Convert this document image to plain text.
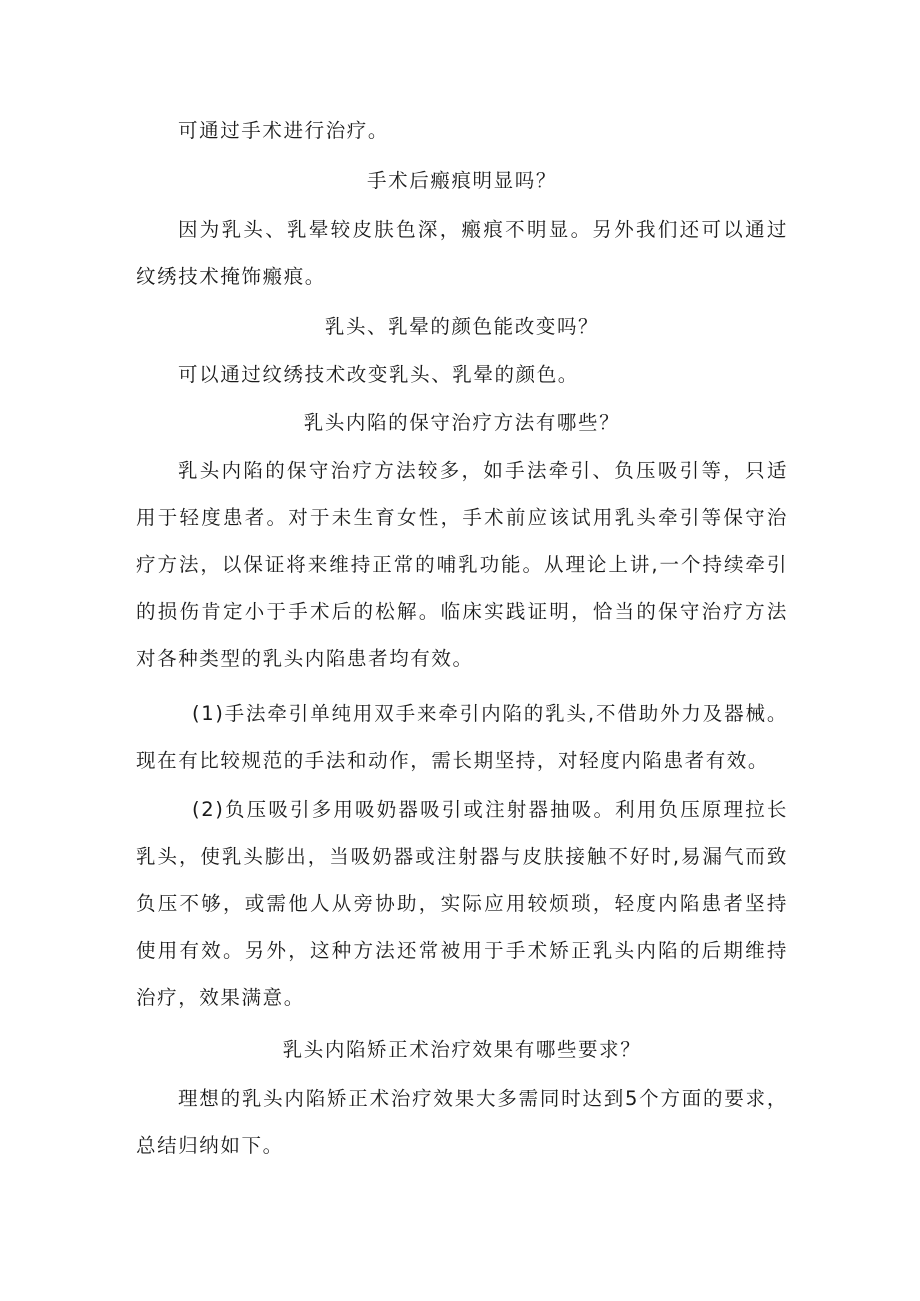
可通过手术进行治疗。

手术后瘢痕明显吗？

因为乳头、乳晕较皮肤色深，瘢痕不明显。另外我们还可以通过纹绣技术掩饰瘢痕。

乳头、乳晕的颜色能改变吗？

可以通过纹绣技术改变乳头、乳晕的颜色。

乳头内陷的保守治疗方法有哪些？

乳头内陷的保守治疗方法较多，如手法牵引、负压吸引等，只适用于轻度患者。对于未生育女性，手术前应该试用乳头牵引等保守治疗方法，以保证将来维持正常的哺乳功能。从理论上讲,一个持续牵引的损伤肯定小于手术后的松解。临床实践证明，恰当的保守治疗方法对各种类型的乳头内陷患者均有效。

(1)手法牵引单纯用双手来牵引内陷的乳头,不借助外力及器械。现在有比较规范的手法和动作，需长期坚持，对轻度内陷患者有效。

(2)负压吸引多用吸奶器吸引或注射器抽吸。利用负压原理拉长乳头，使乳头膨出，当吸奶器或注射器与皮肤接触不好时,易漏气而致负压不够，或需他人从旁协助，实际应用较烦琐，轻度内陷患者坚持使用有效。另外，这种方法还常被用于手术矫正乳头内陷的后期维持治疗，效果满意。

乳头内陷矫正术治疗效果有哪些要求？

理想的乳头内陷矫正术治疗效果大多需同时达到5个方面的要求，总结归纳如下。
